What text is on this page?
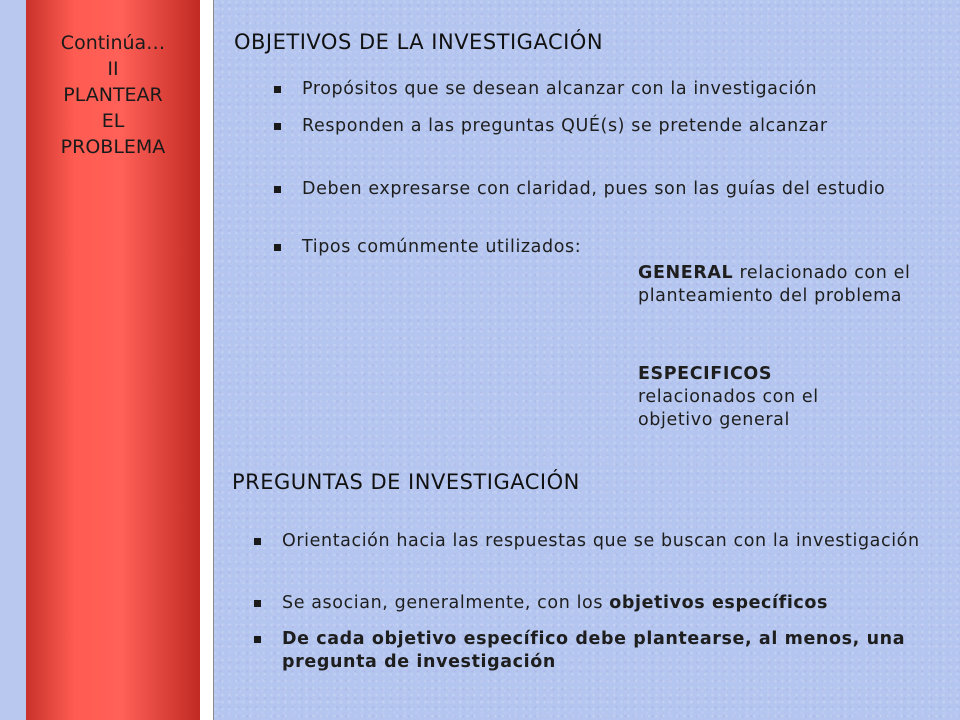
Continúa…
II
PLANTEAR
EL
PROBLEMA
OBJETIVOS DE LA INVESTIGACIÓN
Propósitos que se desean alcanzar con la investigación
Responden a las preguntas QUÉ(s) se pretende alcanzar
Deben expresarse con claridad, pues son las guías del estudio
Tipos comúnmente utilizados:
GENERAL relacionado con el planteamiento del problema
ESPECIFICOS relacionados con el objetivo general
PREGUNTAS DE INVESTIGACIÓN
Orientación hacia las respuestas que se buscan con la investigación
Se asocian, generalmente, con los objetivos específicos
De cada objetivo específico debe plantearse, al menos, una pregunta de investigación
